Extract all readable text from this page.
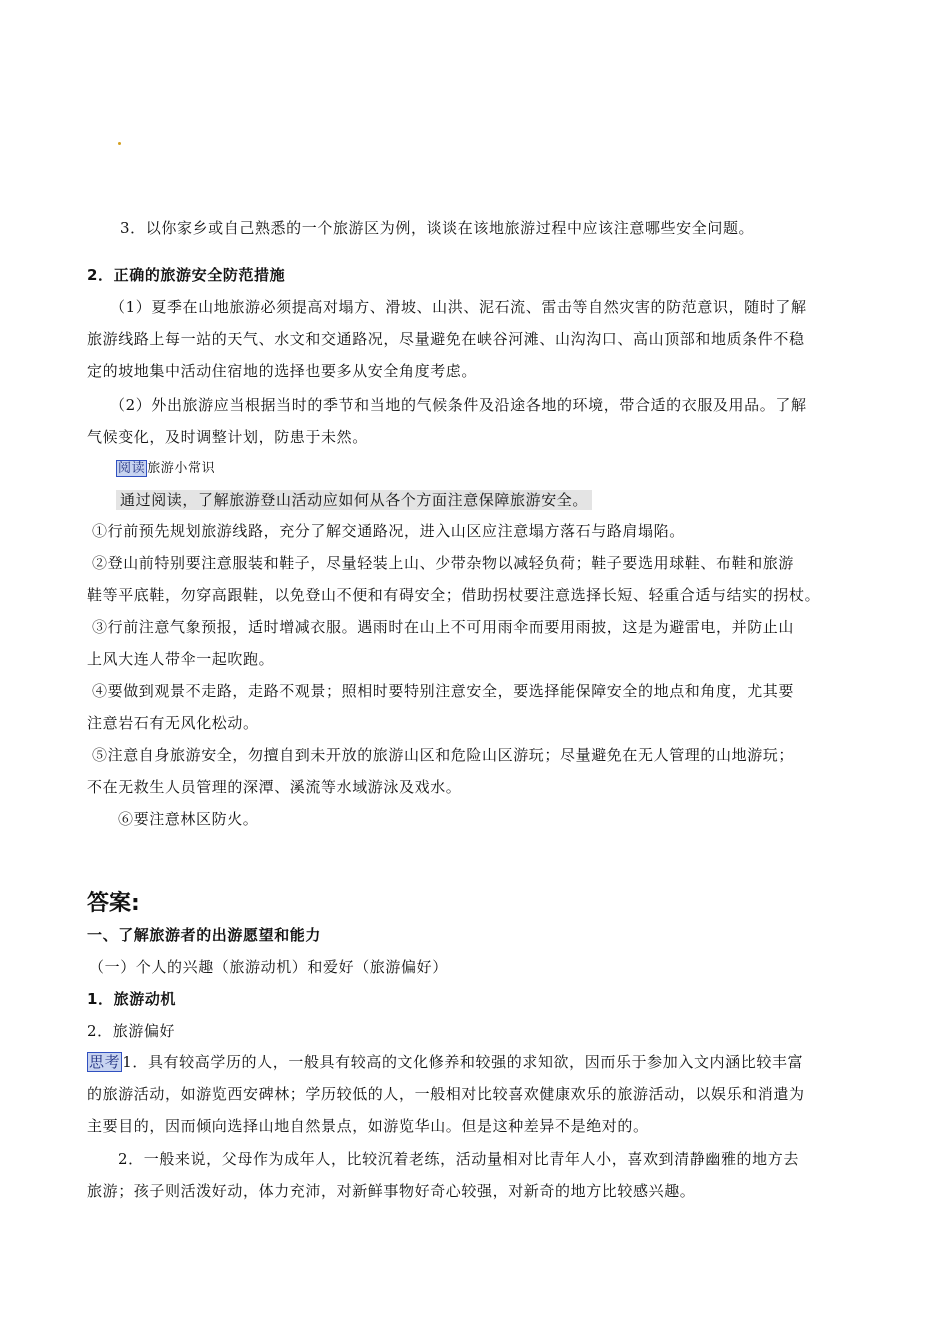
3．以你家乡或自己熟悉的一个旅游区为例，谈谈在该地旅游过程中应该注意哪些安全问题。
2．正确的旅游安全防范措施
（1）夏季在山地旅游必须提高对塌方、滑坡、山洪、泥石流、雷击等自然灾害的防范意识，随时了解
旅游线路上每一站的天气、水文和交通路况，尽量避免在峡谷河滩、山沟沟口、高山顶部和地质条件不稳
定的坡地集中活动住宿地的选择也要多从安全角度考虑。
（2）外出旅游应当根据当时的季节和当地的气候条件及沿途各地的环境，带合适的衣服及用品。了解
气候变化，及时调整计划，防患于未然。
阅读 旅游小常识
通过阅读，了解旅游登山活动应如何从各个方面注意保障旅游安全。
①行前预先规划旅游线路，充分了解交通路况，进入山区应注意塌方落石与路肩塌陷。
②登山前特别要注意服装和鞋子，尽量轻装上山、少带杂物以减轻负荷；鞋子要选用球鞋、布鞋和旅游
鞋等平底鞋，勿穿高跟鞋，以免登山不便和有碍安全；借助拐杖要注意选择长短、轻重合适与结实的拐杖。
③行前注意气象预报，适时增减衣服。遇雨时在山上不可用雨伞而要用雨披，这是为避雷电，并防止山
上风大连人带伞一起吹跑。
④要做到观景不走路，走路不观景；照相时要特别注意安全，要选择能保障安全的地点和角度，尤其要
注意岩石有无风化松动。
⑤注意自身旅游安全，勿擅自到未开放的旅游山区和危险山区游玩；尽量避免在无人管理的山地游玩；
不在无救生人员管理的深潭、溪流等水域游泳及戏水。
⑥要注意林区防火。
答案:
一、了解旅游者的出游愿望和能力
（一）个人的兴趣（旅游动机）和爱好（旅游偏好）
1．旅游动机
2．旅游偏好
思考 1．具有较高学历的人，一般具有较高的文化修养和较强的求知欲，因而乐于参加入文内涵比较丰富
的旅游活动，如游览西安碑林；学历较低的人，一般相对比较喜欢健康欢乐的旅游活动，以娱乐和消遣为
主要目的，因而倾向选择山地自然景点，如游览华山。但是这种差异不是绝对的。
2．一般来说，父母作为成年人，比较沉着老练，活动量相对比青年人小，喜欢到清静幽雅的地方去
旅游；孩子则活泼好动，体力充沛，对新鲜事物好奇心较强，对新奇的地方比较感兴趣。
